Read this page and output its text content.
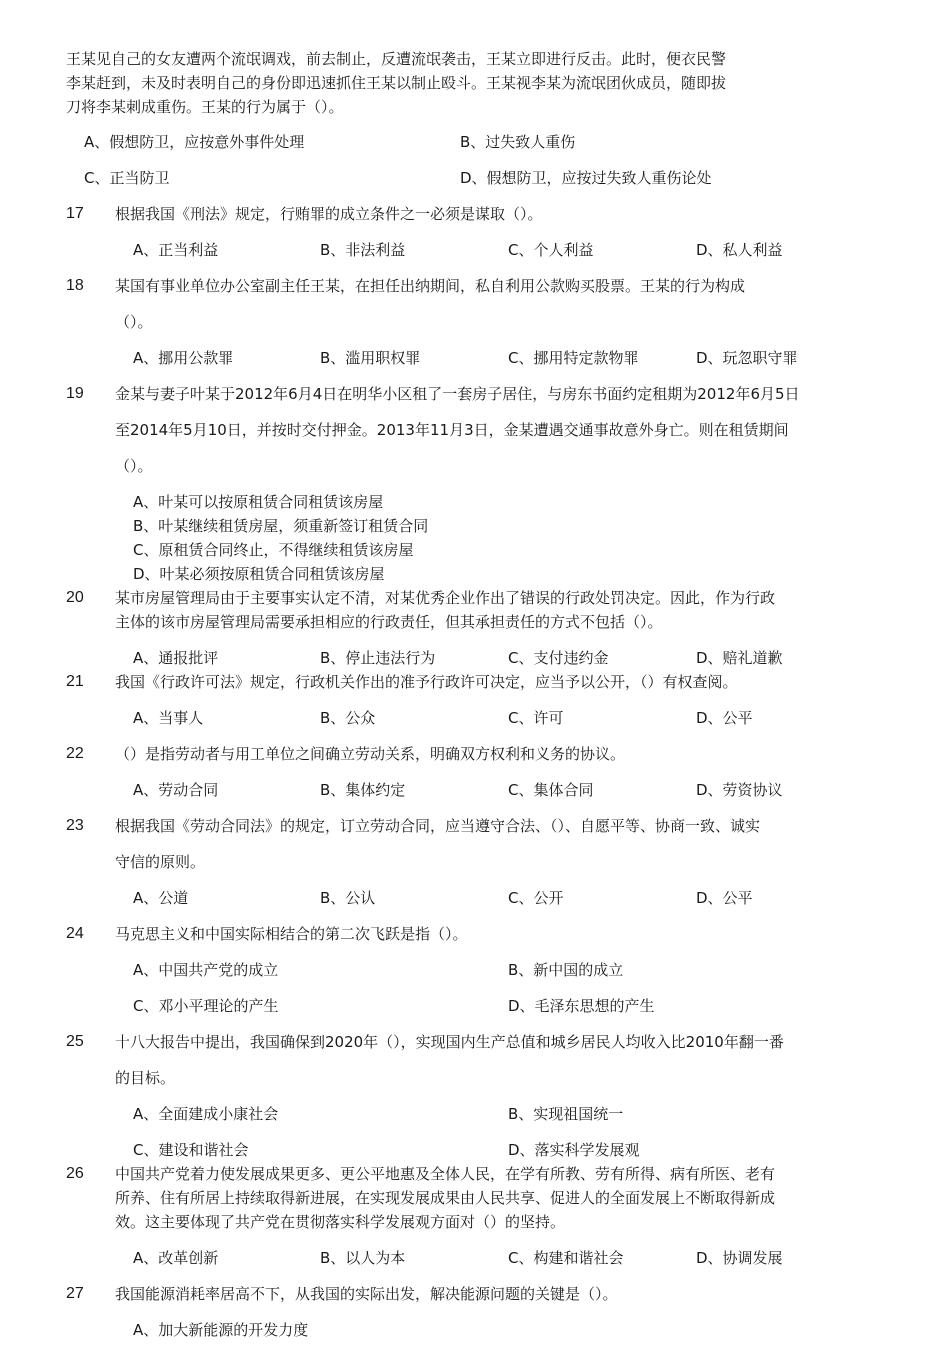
王某见自己的女友遭两个流氓调戏，前去制止，反遭流氓袭击，王某立即进行反击。此时，便衣民警
李某赶到，未及时表明自己的身份即迅速抓住王某以制止殴斗。王某视李某为流氓团伙成员，随即拔
刀将李某刺成重伤。王某的行为属于（）。
A、假想防卫，应按意外事件处理	B、过失致人重伤
C、正当防卫	D、假想防卫，应按过失致人重伤论处
17 根据我国《刑法》规定，行贿罪的成立条件之一必须是谋取（）。
A、正当利益	B、非法利益	C、个人利益	D、私人利益
18 某国有事业单位办公室副主任王某，在担任出纳期间，私自利用公款购买股票。王某的行为构成
（）。
A、挪用公款罪	B、滥用职权罪	C、挪用特定款物罪	D、玩忽职守罪
19 金某与妻子叶某于2012年6月4日在明华小区租了一套房子居住，与房东书面约定租期为2012年6月5日
至2014年5月10日，并按时交付押金。2013年11月3日，金某遭遇交通事故意外身亡。则在租赁期间
（）。
A、叶某可以按原租赁合同租赁该房屋
B、叶某继续租赁房屋，须重新签订租赁合同
C、原租赁合同终止，不得继续租赁该房屋
D、叶某必须按原租赁合同租赁该房屋
20 某市房屋管理局由于主要事实认定不清，对某优秀企业作出了错误的行政处罚决定。因此，作为行政
主体的该市房屋管理局需要承担相应的行政责任，但其承担责任的方式不包括（）。
A、通报批评	B、停止违法行为	C、支付违约金	D、赔礼道歉
21 我国《行政许可法》规定，行政机关作出的准予行政许可决定，应当予以公开，（）有权查阅。
A、当事人	B、公众	C、许可	D、公平
22 （）是指劳动者与用工单位之间确立劳动关系，明确双方权利和义务的协议。
A、劳动合同	B、集体约定	C、集体合同	D、劳资协议
23 根据我国《劳动合同法》的规定，订立劳动合同，应当遵守合法、（）、自愿平等、协商一致、诚实
守信的原则。
A、公道	B、公认	C、公开	D、公平
24 马克思主义和中国实际相结合的第二次飞跃是指（）。
A、中国共产党的成立	B、新中国的成立
C、邓小平理论的产生	D、毛泽东思想的产生
25 十八大报告中提出，我国确保到2020年（），实现国内生产总值和城乡居民人均收入比2010年翻一番
的目标。
A、全面建成小康社会	B、实现祖国统一
C、建设和谐社会	D、落实科学发展观
26 中国共产党着力使发展成果更多、更公平地惠及全体人民，在学有所教、劳有所得、病有所医、老有
所养、住有所居上持续取得新进展，在实现发展成果由人民共享、促进人的全面发展上不断取得新成
效。这主要体现了共产党在贯彻落实科学发展观方面对（）的坚持。
A、改革创新	B、以人为本	C、构建和谐社会	D、协调发展
27 我国能源消耗率居高不下，从我国的实际出发，解决能源问题的关键是（）。
A、加大新能源的开发力度
